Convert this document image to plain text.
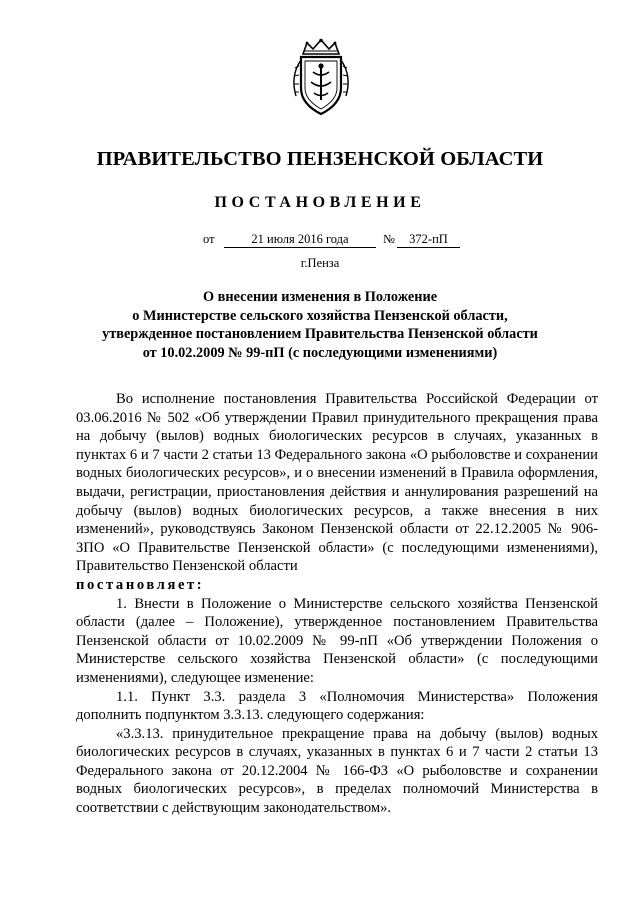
ПРАВИТЕЛЬСТВО ПЕНЗЕНСКОЙ ОБЛАСТИ
ПОСТАНОВЛЕНИЕ
от	21 июля 2016 года	№	372-пП
г.Пенза
О внесении изменения в Положение
о Министерстве сельского хозяйства Пензенской области,
утвержденное постановлением Правительства Пензенской области
от 10.02.2009 № 99-пП (с последующими изменениями)

Во исполнение постановления Правительства Российской Федерации от 03.06.2016 № 502 «Об утверждении Правил принудительного прекращения права на добычу (вылов) водных биологических ресурсов в случаях, указанных в пунктах 6 и 7 части 2 статьи 13 Федерального закона «О рыболовстве и сохранении водных биологических ресурсов», и о внесении изменений в Правила оформления, выдачи, регистрации, приостановления действия и аннулирования разрешений на добычу (вылов) водных биологических ресурсов, а также внесения в них изменений», руководствуясь Законом Пензенской области от 22.12.2005 № 906-ЗПО «О Правительстве Пензенской области» (с последующими изменениями), Правительство Пензенской области

постановляет:

1. Внести в Положение о Министерстве сельского хозяйства Пензенской области (далее – Положение), утвержденное постановлением Правительства Пензенской области от 10.02.2009 № 99-пП «Об утверждении Положения о Министерстве сельского хозяйства Пензенской области» (с последующими изменениями), следующее изменение:

1.1. Пункт 3.3. раздела 3 «Полномочия Министерства» Положения дополнить подпунктом 3.3.13. следующего содержания:

«3.3.13. принудительное прекращение права на добычу (вылов) водных биологических ресурсов в случаях, указанных в пунктах 6 и 7 части 2 статьи 13 Федерального закона от 20.12.2004 № 166-ФЗ «О рыболовстве и сохранении водных биологических ресурсов», в пределах полномочий Министерства в соответствии с действующим законодательством».
